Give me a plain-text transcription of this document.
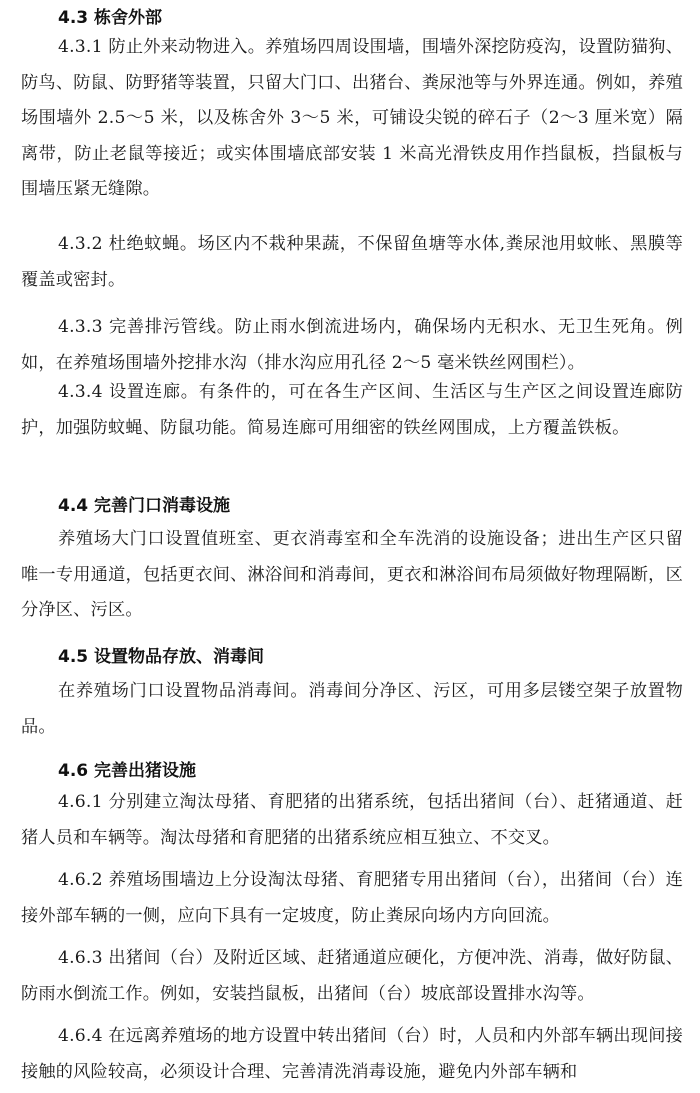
4.3 栋舍外部

4.3.1 防止外来动物进入。养殖场四周设围墙，围墙外深挖防疫沟，设置防猫狗、防鸟、防鼠、防野猪等装置，只留大门口、出猪台、粪尿池等与外界连通。例如，养殖场围墙外 2.5～5 米，以及栋舍外 3～5 米，可铺设尖锐的碎石子（2～3 厘米宽）隔离带，防止老鼠等接近；或实体围墙底部安装 1 米高光滑铁皮用作挡鼠板，挡鼠板与围墙压紧无缝隙。

4.3.2 杜绝蚊蝇。场区内不栽种果蔬，不保留鱼塘等水体,粪尿池用蚊帐、黑膜等覆盖或密封。

4.3.3 完善排污管线。防止雨水倒流进场内，确保场内无积水、无卫生死角。例如，在养殖场围墙外挖排水沟（排水沟应用孔径 2～5 毫米铁丝网围栏）。

4.3.4 设置连廊。有条件的，可在各生产区间、生活区与生产区之间设置连廊防护，加强防蚊蝇、防鼠功能。简易连廊可用细密的铁丝网围成，上方覆盖铁板。

4.4 完善门口消毒设施

养殖场大门口设置值班室、更衣消毒室和全车洗消的设施设备；进出生产区只留唯一专用通道，包括更衣间、淋浴间和消毒间，更衣和淋浴间布局须做好物理隔断，区分净区、污区。

4.5 设置物品存放、消毒间

在养殖场门口设置物品消毒间。消毒间分净区、污区，可用多层镂空架子放置物品。

4.6 完善出猪设施

4.6.1 分别建立淘汰母猪、育肥猪的出猪系统，包括出猪间（台）、赶猪通道、赶猪人员和车辆等。淘汰母猪和育肥猪的出猪系统应相互独立、不交叉。

4.6.2 养殖场围墙边上分设淘汰母猪、育肥猪专用出猪间（台），出猪间（台）连接外部车辆的一侧，应向下具有一定坡度，防止粪尿向场内方向回流。

4.6.3 出猪间（台）及附近区域、赶猪通道应硬化，方便冲洗、消毒，做好防鼠、防雨水倒流工作。例如，安装挡鼠板，出猪间（台）坡底部设置排水沟等。

4.6.4 在远离养殖场的地方设置中转出猪间（台）时，人员和内外部车辆出现间接接触的风险较高，必须设计合理、完善清洗消毒设施，避免内外部车辆和
